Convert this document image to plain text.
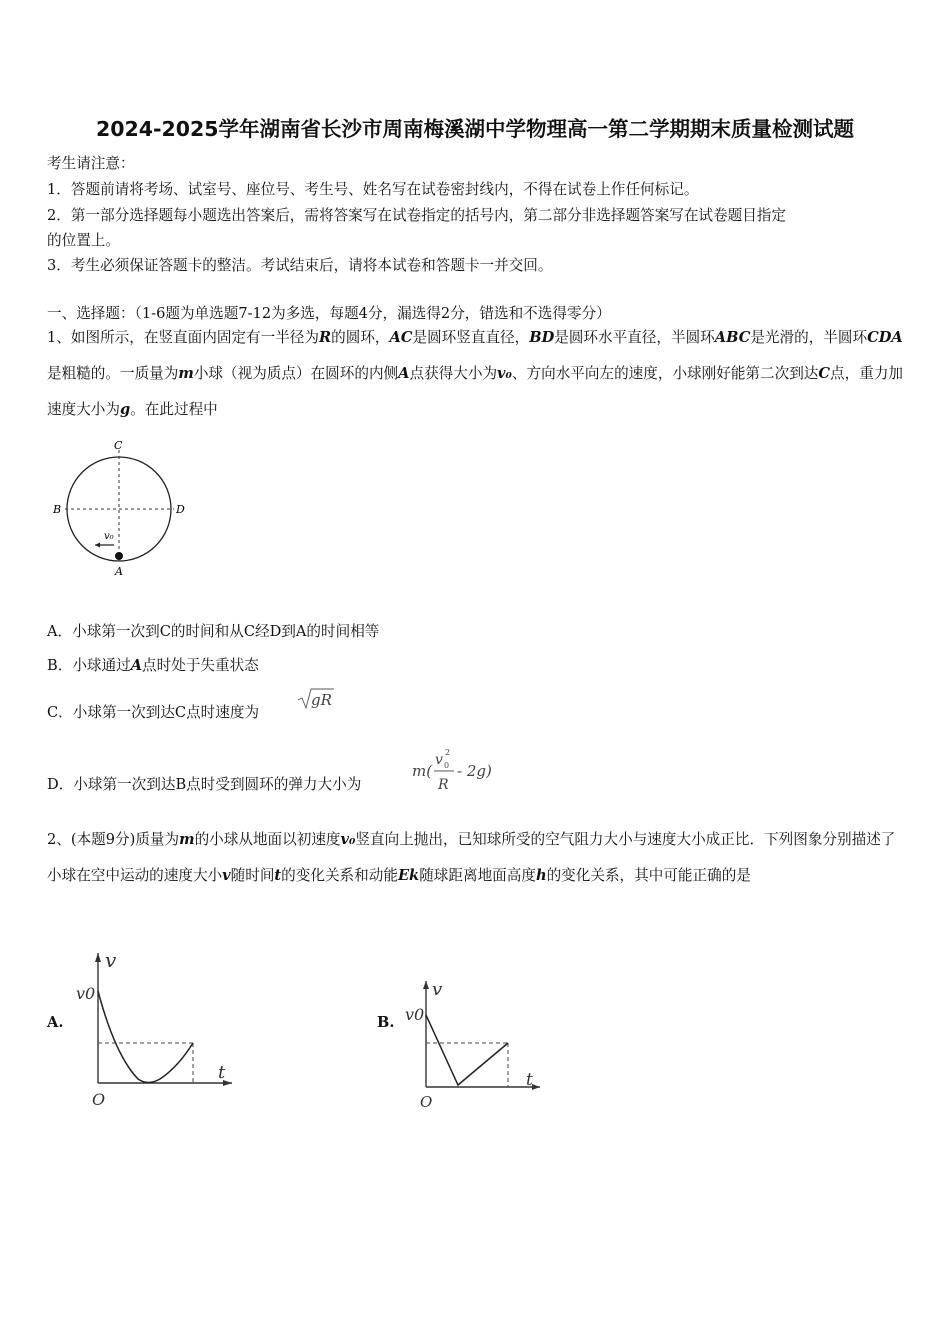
2024-2025学年湖南省长沙市周南梅溪湖中学物理高一第二学期期末质量检测试题
考生请注意：
1．答题前请将考场、试室号、座位号、考生号、姓名写在试卷密封线内，不得在试卷上作任何标记。
2．第一部分选择题每小题选出答案后，需将答案写在试卷指定的括号内，第二部分非选择题答案写在试卷题目指定
的位置上。
3．考生必须保证答题卡的整洁。考试结束后，请将本试卷和答题卡一并交回。
一、选择题：（1-6题为单选题7-12为多选，每题4分，漏选得2分，错选和不选得零分）
1、如图所示，在竖直面内固定有一半径为R的圆环，AC是圆环竖直直径，BD是圆环水平直径，半圆环ABC是光滑的，半圆环CDA是粗糙的。一质量为m小球（视为质点）在圆环的内侧A点获得大小为v₀、方向水平向左的速度，小球刚好能第二次到达C点，重力加速度大小为g。在此过程中
C
B	D
A
v₀
A．小球第一次到C的时间和从C经D到A的时间相等
B．小球通过A点时处于失重状态
C．小球第一次到达C点时速度为
gR
D．小球第一次到达B点时受到圆环的弹力大小为
m(
v 0
2
R
- 2g)
2、(本题9分)质量为m的小球从地面以初速度v₀竖直向上抛出，已知球所受的空气阻力大小与速度大小成正比．下列图象分别描述了小球在空中运动的速度大小v随时间t的变化关系和动能Ek随球距离地面高度h的变化关系，其中可能正确的是
A.
v
v0
t
O
B.
v
v0
t
O
